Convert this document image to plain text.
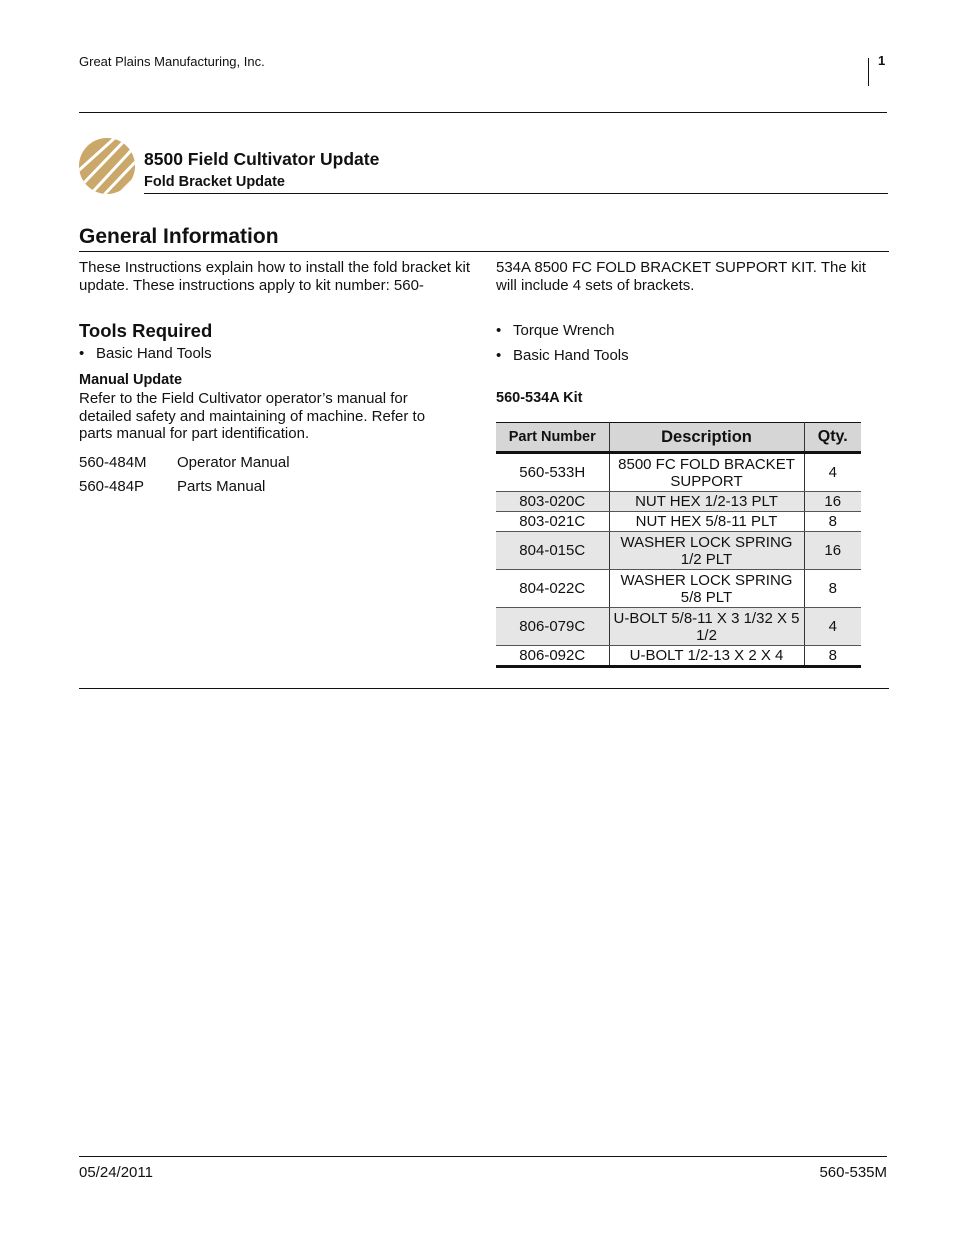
Great Plains Manufacturing, Inc.	1
8500 Field Cultivator Update
Fold Bracket Update
General Information
These Instructions explain how to install the fold bracket kit update. These instructions apply to kit number: 560-
534A 8500 FC FOLD BRACKET SUPPORT KIT. The kit will include 4 sets of brackets.
Tools Required
• Basic Hand Tools
• Torque Wrench
• Basic Hand Tools
Manual Update
Refer to the Field Cultivator operator’s manual for detailed safety and maintaining of machine. Refer to parts manual for part identification.
560-484M Operator Manual
560-484P Parts Manual
560-534A Kit
Part Number	Description	Qty.
560-533H	8500 FC FOLD BRACKET SUPPORT	4
803-020C	NUT HEX 1/2-13 PLT	16
803-021C	NUT HEX 5/8-11 PLT	8
804-015C	WASHER LOCK SPRING 1/2 PLT	16
804-022C	WASHER LOCK SPRING 5/8 PLT	8
806-079C	U-BOLT 5/8-11 X 3 1/32 X 5 1/2	4
806-092C	U-BOLT 1/2-13 X 2 X 4	8
05/24/2011	560-535M
